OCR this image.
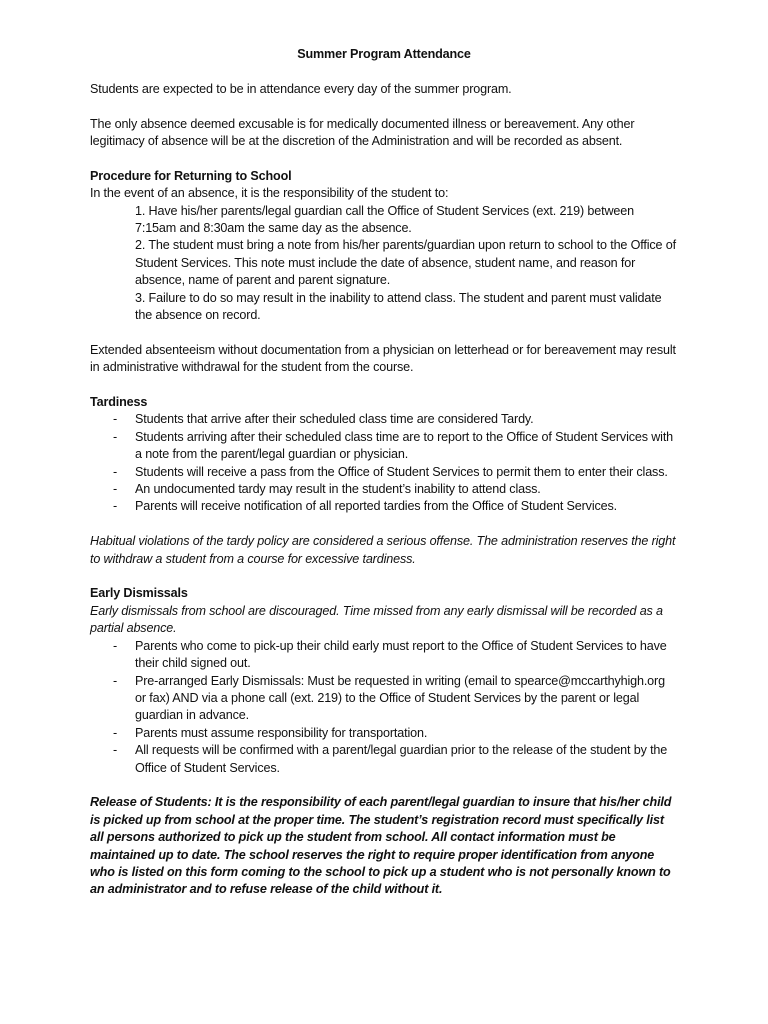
Summer Program Attendance

Students are expected to be in attendance every day of the summer program.

The only absence deemed excusable is for medically documented illness or bereavement. Any other legitimacy of absence will be at the discretion of the Administration and will be recorded as absent.

Procedure for Returning to School

In the event of an absence, it is the responsibility of the student to:

1. Have his/her parents/legal guardian call the Office of Student Services (ext. 219) between 7:15am and 8:30am the same day as the absence.

2. The student must bring a note from his/her parents/guardian upon return to school to the Office of Student Services. This note must include the date of absence, student name, and reason for absence, name of parent and parent signature.

3. Failure to do so may result in the inability to attend class. The student and parent must validate the absence on record.

Extended absenteeism without documentation from a physician on letterhead or for bereavement may result in administrative withdrawal for the student from the course.

Tardiness

- Students that arrive after their scheduled class time are considered Tardy.
- Students arriving after their scheduled class time are to report to the Office of Student Services with a note from the parent/legal guardian or physician.
- Students will receive a pass from the Office of Student Services to permit them to enter their class.
- An undocumented tardy may result in the student’s inability to attend class.
- Parents will receive notification of all reported tardies from the Office of Student Services.

Habitual violations of the tardy policy are considered a serious offense. The administration reserves the right to withdraw a student from a course for excessive tardiness.

Early Dismissals

Early dismissals from school are discouraged. Time missed from any early dismissal will be recorded as a partial absence.

- Parents who come to pick-up their child early must report to the Office of Student Services to have their child signed out.
- Pre-arranged Early Dismissals: Must be requested in writing (email to spearce@mccarthyhigh.org or fax) AND via a phone call (ext. 219) to the Office of Student Services by the parent or legal guardian in advance.
- Parents must assume responsibility for transportation.
- All requests will be confirmed with a parent/legal guardian prior to the release of the student by the Office of Student Services.

Release of Students: It is the responsibility of each parent/legal guardian to insure that his/her child is picked up from school at the proper time. The student’s registration record must specifically list all persons authorized to pick up the student from school. All contact information must be maintained up to date. The school reserves the right to require proper identification from anyone who is listed on this form coming to the school to pick up a student who is not personally known to an administrator and to refuse release of the child without it.
